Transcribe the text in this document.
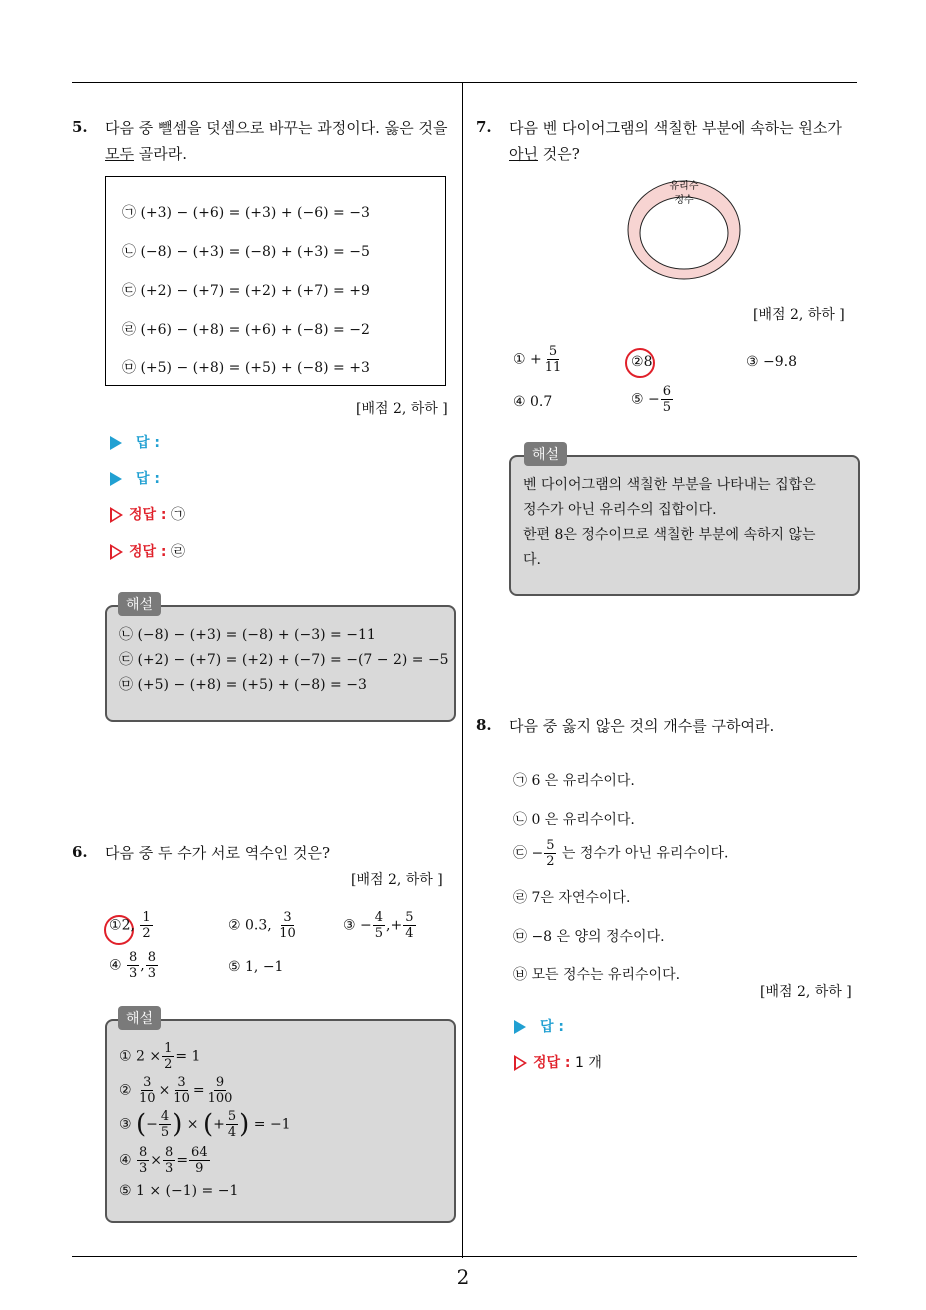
2
5. 다음 중 뺄셈을 덧셈으로 바꾸는 과정이다. 옳은 것을
모두 골라라.
㉠ (+3) − (+6) = (+3) + (−6) = −3
㉡ (−8) − (+3) = (−8) + (+3) = −5
㉢ (+2) − (+7) = (+2) + (+7) = +9
㉣ (+6) − (+8) = (+6) + (−8) = −2
㉤ (+5) − (+8) = (+5) + (−8) = +3
[배점 2, 하하 ]
답 :
답 :
정답 : ㉠
정답 : ㉣
㉡ (−8) − (+3) = (−8) + (−3) = −11
㉢ (+2) − (+7) = (+2) + (−7) = −(7 − 2) = −5
㉤ (+5) − (+8) = (+5) + (−8) = −3
해설
6. 다음 중 두 수가 서로 역수인 것은?
[배점 2, 하하 ]
①2, $\frac{1}{2}$	② 0.3, $\frac{3}{10}$	③ − $\frac{4}{5}$ ,+ $\frac{5}{4}$
④ $\frac{8}{3}$ , $\frac{8}{3}$	⑤ 1, −1
① $2 \times \frac{1}{2} = 1$
② $\frac{3}{10} \times \frac{3}{10} = \frac{9}{100}$
③ (− $\frac{4}{5}$ ) × (+ $\frac{5}{4}$ ) = −1
④ $\frac{8}{3} \times \frac{8}{3} = \frac{64}{9}$
⑤ 1 × (−1) = −1
해설
7. 다음 벤 다이어그램의 색칠한 부분에 속하는 원소가
아닌 것은?
유리수
정수
[배점 2, 하하 ]
① + $\frac{5}{11}$	②8	③ −9.8
④ 0.7	⑤ − $\frac{6}{5}$
벤 다이어그램의 색칠한 부분을 나타내는 집합은
정수가 아닌 유리수의 집합이다.
한편 8은 정수이므로 색칠한 부분에 속하지 않는
다.
해설
8. 다음 중 옳지 않은 것의 개수를 구하여라.
㉠ 6 은 유리수이다.
㉡ 0 은 유리수이다.
㉢ − $\frac{5}{2}$ 는 정수가 아닌 유리수이다.
㉣ 7은 자연수이다.
㉤ −8 은 양의 정수이다.
㉥ 모든 정수는 유리수이다.
[배점 2, 하하 ]
답 :
정답 : 1 개
